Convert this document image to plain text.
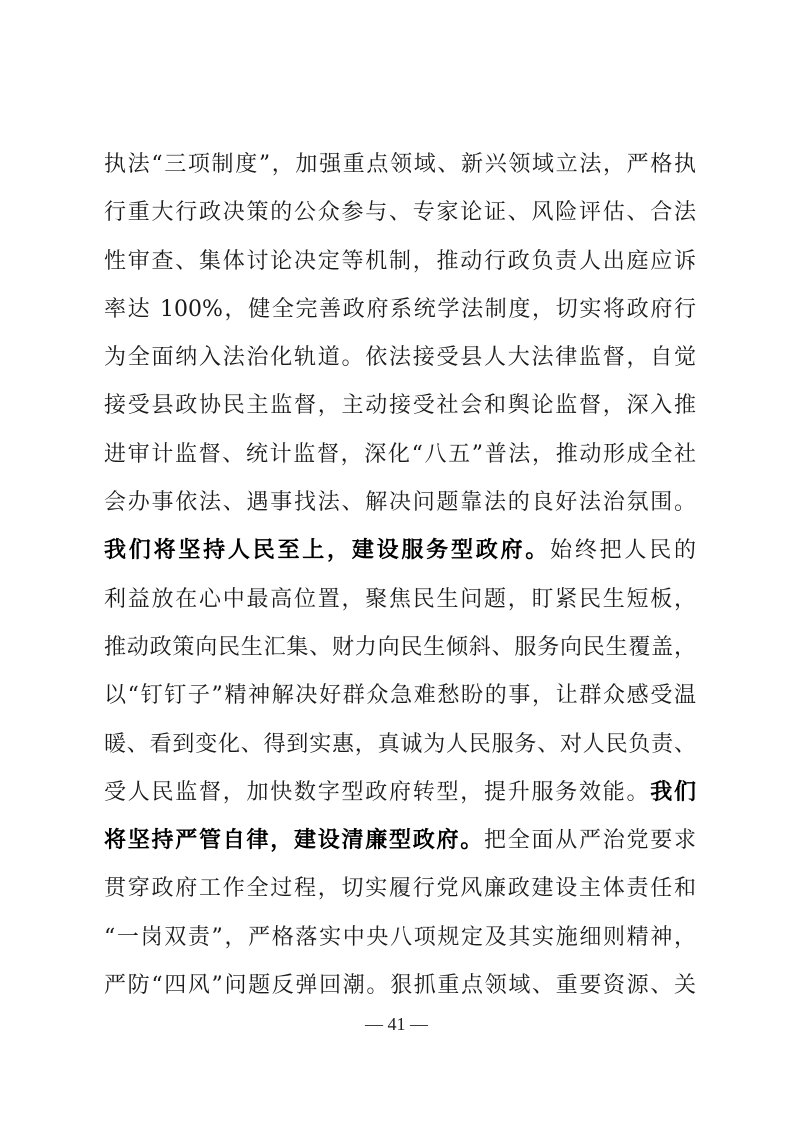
执法“三项制度”，加强重点领域、新兴领域立法，严格执
行重大行政决策的公众参与、专家论证、风险评估、合法
性审查、集体讨论决定等机制，推动行政负责人出庭应诉
率达 100%，健全完善政府系统学法制度，切实将政府行
为全面纳入法治化轨道。依法接受县人大法律监督，自觉
接受县政协民主监督，主动接受社会和舆论监督，深入推
进审计监督、统计监督，深化“八五”普法，推动形成全社
会办事依法、遇事找法、解决问题靠法的良好法治氛围。
我们将坚持人民至上，建设服务型政府。始终把人民的
利益放在心中最高位置，聚焦民生问题，盯紧民生短板，
推动政策向民生汇集、财力向民生倾斜、服务向民生覆盖，
以“钉钉子”精神解决好群众急难愁盼的事，让群众感受温
暖、看到变化、得到实惠，真诚为人民服务、对人民负责、
受人民监督，加快数字型政府转型，提升服务效能。我们
将坚持严管自律，建设清廉型政府。把全面从严治党要求
贯穿政府工作全过程，切实履行党风廉政建设主体责任和
“一岗双责”，严格落实中央八项规定及其实施细则精神，
严防“四风”问题反弹回潮。狠抓重点领域、重要资源、关
— 41 —
